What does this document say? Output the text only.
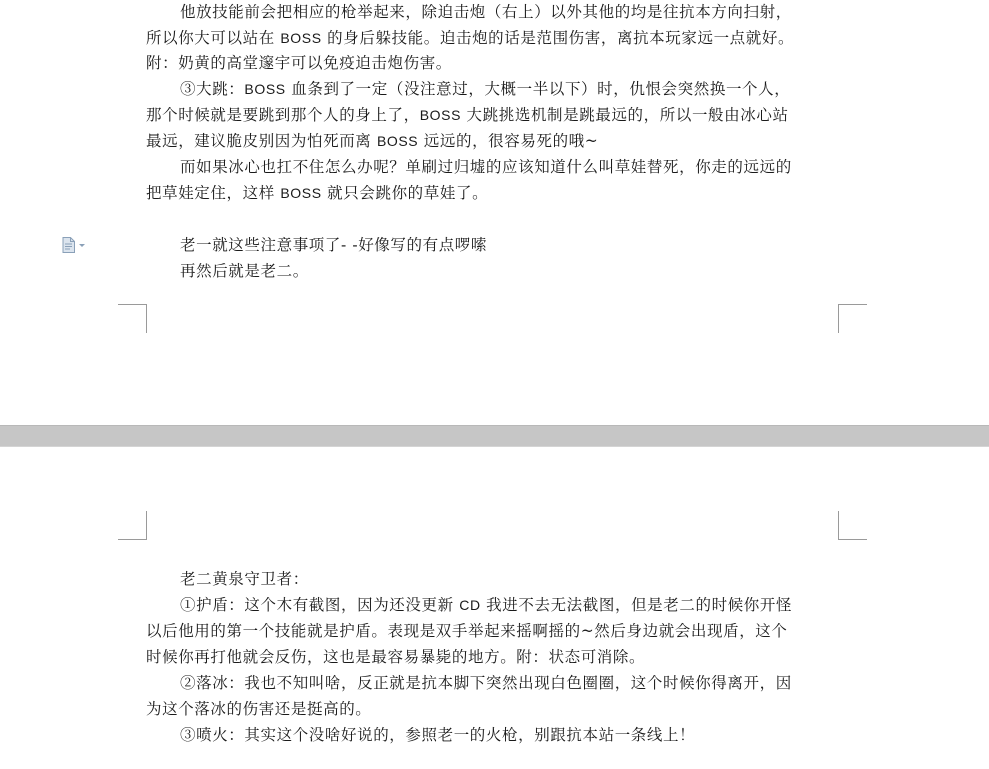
他放技能前会把相应的枪举起来，除迫击炮（右上）以外其他的均是往抗本方向扫射，
所以你大可以站在 BOSS 的身后躲技能。迫击炮的话是范围伤害，离抗本玩家远一点就好。
附：奶黄的高堂邃宇可以免疫迫击炮伤害。
③大跳：BOSS 血条到了一定（没注意过，大概一半以下）时，仇恨会突然换一个人，
那个时候就是要跳到那个人的身上了，BOSS 大跳挑选机制是跳最远的，所以一般由冰心站
最远，建议脆皮别因为怕死而离 BOSS 远远的，很容易死的哦~
而如果冰心也扛不住怎么办呢？单刷过归墟的应该知道什么叫草娃替死，你走的远远的
把草娃定住，这样 BOSS 就只会跳你的草娃了。
老一就这些注意事项了- -好像写的有点啰嗦
再然后就是老二。
老二黄泉守卫者：
①护盾：这个木有截图，因为还没更新 CD 我进不去无法截图，但是老二的时候你开怪
以后他用的第一个技能就是护盾。表现是双手举起来摇啊摇的~然后身边就会出现盾，这个
时候你再打他就会反伤，这也是最容易暴毙的地方。附：状态可消除。
②落冰：我也不知叫啥，反正就是抗本脚下突然出现白色圈圈，这个时候你得离开，因
为这个落冰的伤害还是挺高的。
③喷火：其实这个没啥好说的，参照老一的火枪，别跟抗本站一条线上！
